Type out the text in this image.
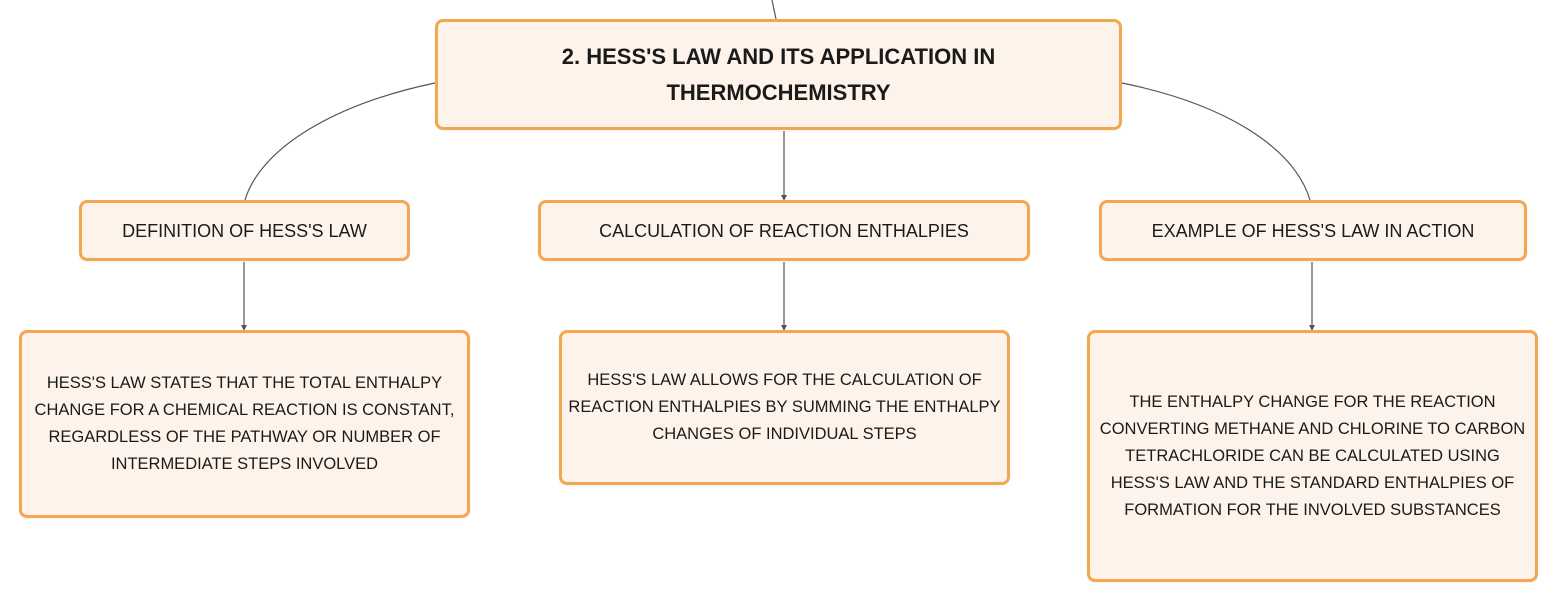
2. HESS'S LAW AND ITS APPLICATION IN THERMOCHEMISTRY
DEFINITION OF HESS'S LAW	CALCULATION OF REACTION ENTHALPIES	EXAMPLE OF HESS'S LAW IN ACTION
HESS'S LAW STATES THAT THE TOTAL ENTHALPY CHANGE FOR A CHEMICAL REACTION IS CONSTANT, REGARDLESS OF THE PATHWAY OR NUMBER OF INTERMEDIATE STEPS INVOLVED
HESS'S LAW ALLOWS FOR THE CALCULATION OF REACTION ENTHALPIES BY SUMMING THE ENTHALPY CHANGES OF INDIVIDUAL STEPS
THE ENTHALPY CHANGE FOR THE REACTION CONVERTING METHANE AND CHLORINE TO CARBON TETRACHLORIDE CAN BE CALCULATED USING HESS'S LAW AND THE STANDARD ENTHALPIES OF FORMATION FOR THE INVOLVED SUBSTANCES
